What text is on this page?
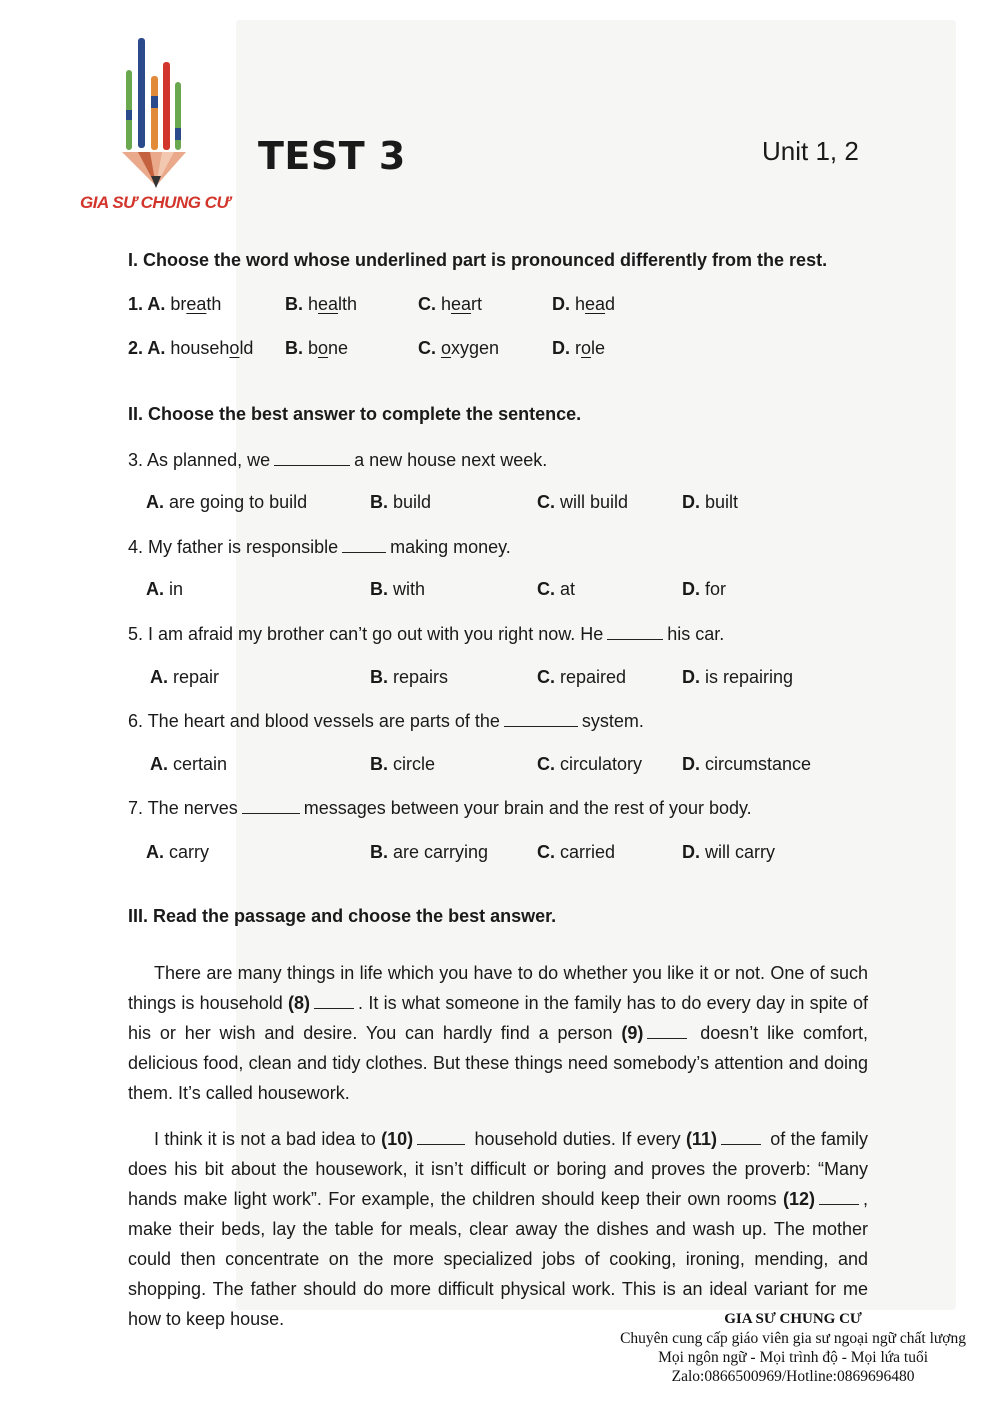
GIA SƯ CHUNG CƯ
TEST 3	Unit 1, 2
I. Choose the word whose underlined part is pronounced differently from the rest.
1. A. breath	B. health	C. heart	D. head
2. A. household B. bone	C. oxygen	D. role
II. Choose the best answer to complete the sentence.
3. As planned, we	a new house next week.
A. are going to build	B. build	C. will build	D. built
4. My father is responsible	making money.
A. in	B. with	C. at	D. for
5. I am afraid my brother can’t go out with you right now. He	his car.
A. repair	B. repairs	C. repaired	D. is repairing
6. The heart and blood vessels are parts of the	system.
A. certain	B. circle	C. circulatory D. circumstance
7. The nerves	messages between your brain and the rest of your body.
A. carry	B. are carrying	C. carried	D. will carry
III. Read the passage and choose the best answer.

There are many things in life which you have to do whether you like it or not. One of such things is household (8)	. It is what someone in the family has to do every day in spite of his or her wish and desire. You can hardly find a person (9)	doesn’t like comfort, delicious food, clean and tidy clothes. But these things need somebody’s attention and doing them. It’s called housework.

I think it is not a bad idea to (10)	household duties. If every (11)	of the family does his bit about the housework, it isn’t difficult or boring and proves the proverb: “Many hands make light work”. For example, the children should keep their own rooms (12)	, make their beds, lay the table for meals, clear away the dishes and wash up. The mother could then concentrate on the more specialized jobs of cooking, ironing, mending, and shopping. The father should do more difficult physical work. This is an ideal variant for me how to keep house.	GIA SƯ CHUNG CƯ
Chuyên cung cấp giáo viên gia sư ngoại ngữ chất lượng
Mọi ngôn ngữ - Mọi trình độ - Mọi lứa tuổi
Zalo:0866500969/Hotline:0869696480
